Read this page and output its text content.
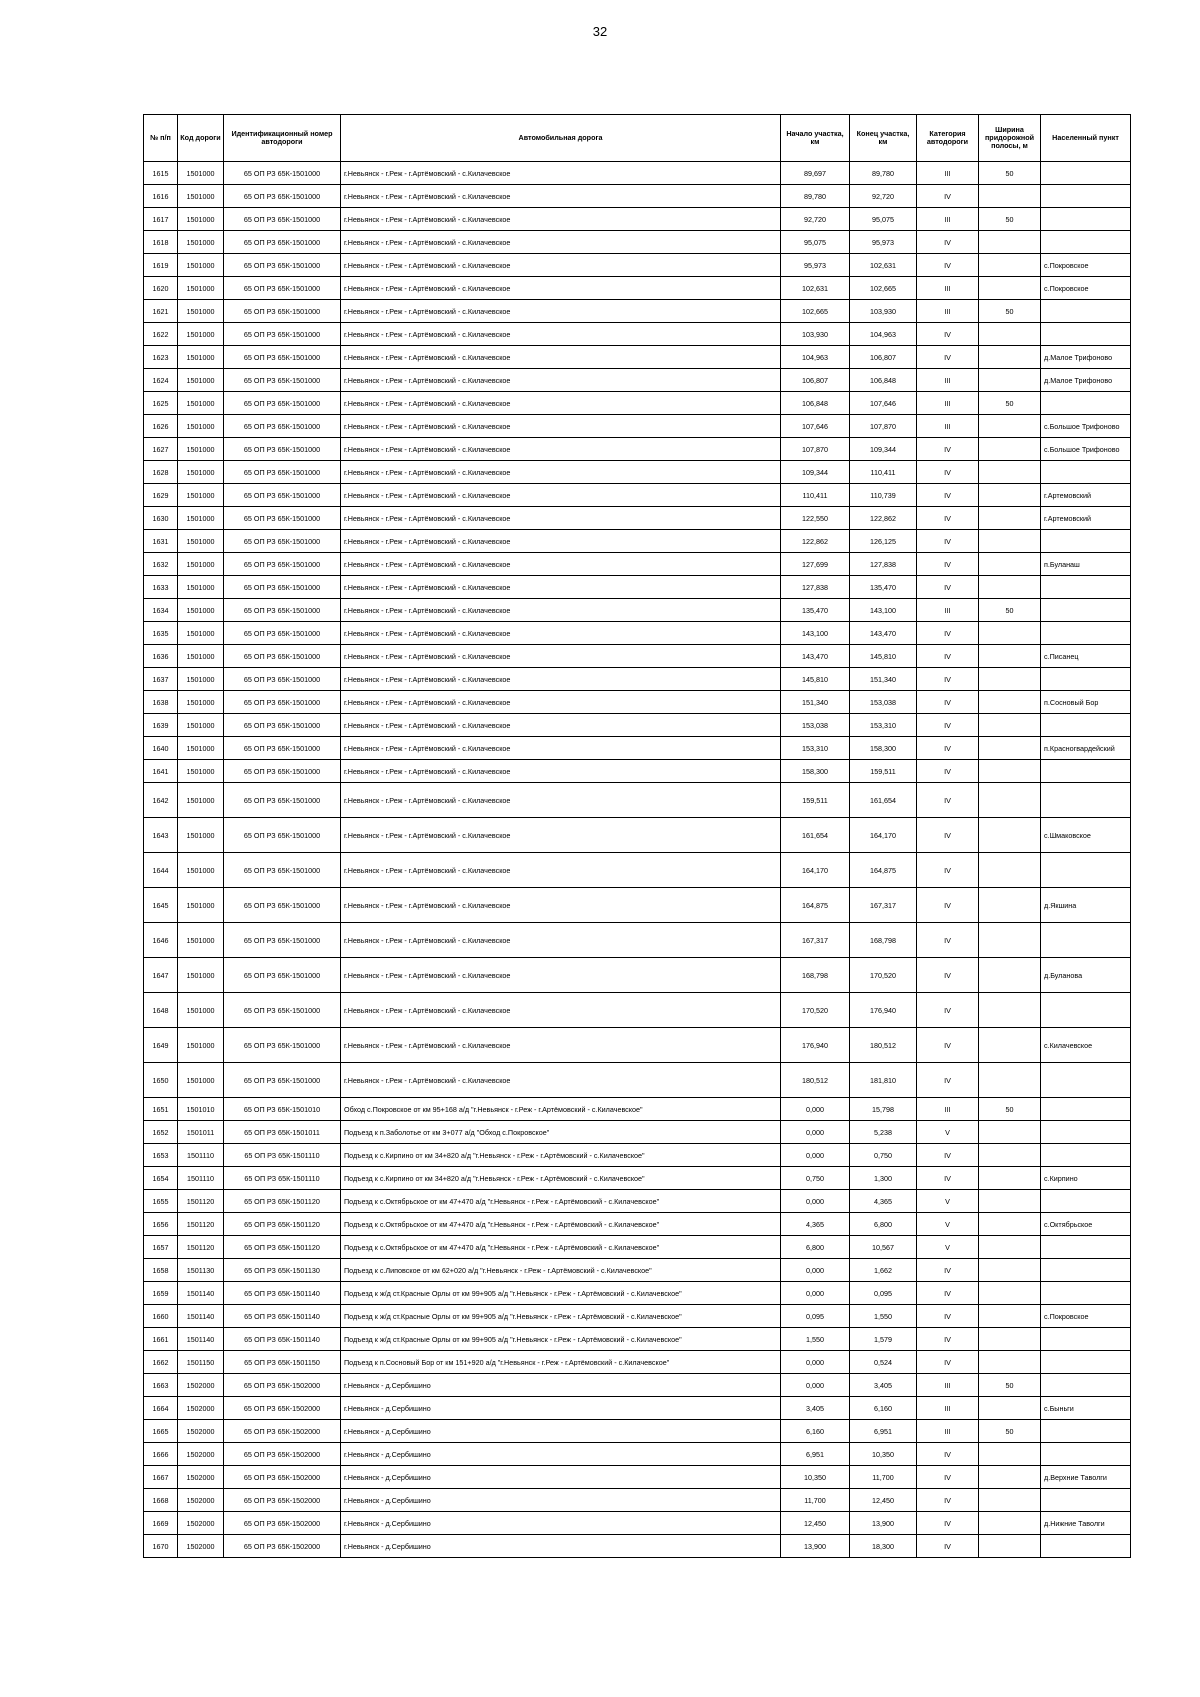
32
№ п/п	Код дороги	Идентификационный номер автодороги	Автомобильная дорога	Начало участка, км	Конец участка, км	Категория автодороги	Ширина придорожной полосы, м	Населенный пункт
1615	1501000	65 ОП РЗ 65К-1501000	г.Невьянск - г.Реж - г.Артёмовский - с.Килачевское	89,697	89,780	III	50	
1616	1501000	65 ОП РЗ 65К-1501000	г.Невьянск - г.Реж - г.Артёмовский - с.Килачевское	89,780	92,720	IV		
1617	1501000	65 ОП РЗ 65К-1501000	г.Невьянск - г.Реж - г.Артёмовский - с.Килачевское	92,720	95,075	III	50	
1618	1501000	65 ОП РЗ 65К-1501000	г.Невьянск - г.Реж - г.Артёмовский - с.Килачевское	95,075	95,973	IV		
1619	1501000	65 ОП РЗ 65К-1501000	г.Невьянск - г.Реж - г.Артёмовский - с.Килачевское	95,973	102,631	IV		с.Покровское
1620	1501000	65 ОП РЗ 65К-1501000	г.Невьянск - г.Реж - г.Артёмовский - с.Килачевское	102,631	102,665	III		с.Покровское
1621	1501000	65 ОП РЗ 65К-1501000	г.Невьянск - г.Реж - г.Артёмовский - с.Килачевское	102,665	103,930	III	50	
1622	1501000	65 ОП РЗ 65К-1501000	г.Невьянск - г.Реж - г.Артёмовский - с.Килачевское	103,930	104,963	IV		
1623	1501000	65 ОП РЗ 65К-1501000	г.Невьянск - г.Реж - г.Артёмовский - с.Килачевское	104,963	106,807	IV		д.Малое Трифоново
1624	1501000	65 ОП РЗ 65К-1501000	г.Невьянск - г.Реж - г.Артёмовский - с.Килачевское	106,807	106,848	III		д.Малое Трифоново
1625	1501000	65 ОП РЗ 65К-1501000	г.Невьянск - г.Реж - г.Артёмовский - с.Килачевское	106,848	107,646	III	50	
1626	1501000	65 ОП РЗ 65К-1501000	г.Невьянск - г.Реж - г.Артёмовский - с.Килачевское	107,646	107,870	III		с.Большое Трифоново
1627	1501000	65 ОП РЗ 65К-1501000	г.Невьянск - г.Реж - г.Артёмовский - с.Килачевское	107,870	109,344	IV		с.Большое Трифоново
1628	1501000	65 ОП РЗ 65К-1501000	г.Невьянск - г.Реж - г.Артёмовский - с.Килачевское	109,344	110,411	IV		
1629	1501000	65 ОП РЗ 65К-1501000	г.Невьянск - г.Реж - г.Артёмовский - с.Килачевское	110,411	110,739	IV		г.Артемовский
1630	1501000	65 ОП РЗ 65К-1501000	г.Невьянск - г.Реж - г.Артёмовский - с.Килачевское	122,550	122,862	IV		г.Артемовский
1631	1501000	65 ОП РЗ 65К-1501000	г.Невьянск - г.Реж - г.Артёмовский - с.Килачевское	122,862	126,125	IV		
1632	1501000	65 ОП РЗ 65К-1501000	г.Невьянск - г.Реж - г.Артёмовский - с.Килачевское	127,699	127,838	IV		п.Буланаш
1633	1501000	65 ОП РЗ 65К-1501000	г.Невьянск - г.Реж - г.Артёмовский - с.Килачевское	127,838	135,470	IV		
1634	1501000	65 ОП РЗ 65К-1501000	г.Невьянск - г.Реж - г.Артёмовский - с.Килачевское	135,470	143,100	III	50	
1635	1501000	65 ОП РЗ 65К-1501000	г.Невьянск - г.Реж - г.Артёмовский - с.Килачевское	143,100	143,470	IV		
1636	1501000	65 ОП РЗ 65К-1501000	г.Невьянск - г.Реж - г.Артёмовский - с.Килачевское	143,470	145,810	IV		с.Писанец
1637	1501000	65 ОП РЗ 65К-1501000	г.Невьянск - г.Реж - г.Артёмовский - с.Килачевское	145,810	151,340	IV		
1638	1501000	65 ОП РЗ 65К-1501000	г.Невьянск - г.Реж - г.Артёмовский - с.Килачевское	151,340	153,038	IV		п.Сосновый Бор
1639	1501000	65 ОП РЗ 65К-1501000	г.Невьянск - г.Реж - г.Артёмовский - с.Килачевское	153,038	153,310	IV		
1640	1501000	65 ОП РЗ 65К-1501000	г.Невьянск - г.Реж - г.Артёмовский - с.Килачевское	153,310	158,300	IV		п.Красногвардейский
1641	1501000	65 ОП РЗ 65К-1501000	г.Невьянск - г.Реж - г.Артёмовский - с.Килачевское	158,300	159,511	IV		
1642	1501000	65 ОП РЗ 65К-1501000	г.Невьянск - г.Реж - г.Артёмовский - с.Килачевское	159,511	161,654	IV		
1643	1501000	65 ОП РЗ 65К-1501000	г.Невьянск - г.Реж - г.Артёмовский - с.Килачевское	161,654	164,170	IV		с.Шмаковское
1644	1501000	65 ОП РЗ 65К-1501000	г.Невьянск - г.Реж - г.Артёмовский - с.Килачевское	164,170	164,875	IV		
1645	1501000	65 ОП РЗ 65К-1501000	г.Невьянск - г.Реж - г.Артёмовский - с.Килачевское	164,875	167,317	IV		д.Якшина
1646	1501000	65 ОП РЗ 65К-1501000	г.Невьянск - г.Реж - г.Артёмовский - с.Килачевское	167,317	168,798	IV		
1647	1501000	65 ОП РЗ 65К-1501000	г.Невьянск - г.Реж - г.Артёмовский - с.Килачевское	168,798	170,520	IV		д.Буланова
1648	1501000	65 ОП РЗ 65К-1501000	г.Невьянск - г.Реж - г.Артёмовский - с.Килачевское	170,520	176,940	IV		
1649	1501000	65 ОП РЗ 65К-1501000	г.Невьянск - г.Реж - г.Артёмовский - с.Килачевское	176,940	180,512	IV		с.Килачевское
1650	1501000	65 ОП РЗ 65К-1501000	г.Невьянск - г.Реж - г.Артёмовский - с.Килачевское	180,512	181,810	IV		
1651	1501010	65 ОП РЗ 65К-1501010	Обход с.Покровское от км 95+168 а/д "г.Невьянск - г.Реж - г.Артёмовский - с.Килачевское"	0,000	15,798	III	50	
1652	1501011	65 ОП РЗ 65К-1501011	Подъезд к п.Заболотье от км 3+077 а/д "Обход с.Покровское"	0,000	5,238	V		
1653	1501110	65 ОП РЗ 65К-1501110	Подъезд к с.Кирпино от км 34+820 а/д "г.Невьянск - г.Реж - г.Артёмовский - с.Килачевское"	0,000	0,750	IV		
1654	1501110	65 ОП РЗ 65К-1501110	Подъезд к с.Кирпино от км 34+820 а/д "г.Невьянск - г.Реж - г.Артёмовский - с.Килачевское"	0,750	1,300	IV		с.Кирпино
1655	1501120	65 ОП РЗ 65К-1501120	Подъезд к с.Октябрьское от км 47+470 а/д "г.Невьянск - г.Реж - г.Артёмовский - с.Килачевское"	0,000	4,365	V		
1656	1501120	65 ОП РЗ 65К-1501120	Подъезд к с.Октябрьское от км 47+470 а/д "г.Невьянск - г.Реж - г.Артёмовский - с.Килачевское"	4,365	6,800	V		с.Октябрьское
1657	1501120	65 ОП РЗ 65К-1501120	Подъезд к с.Октябрьское от км 47+470 а/д "г.Невьянск - г.Реж - г.Артёмовский - с.Килачевское"	6,800	10,567	V		
1658	1501130	65 ОП РЗ 65К-1501130	Подъезд к с.Липовское от км 62+020 а/д "г.Невьянск - г.Реж - г.Артёмовский - с.Килачевское"	0,000	1,662	IV		
1659	1501140	65 ОП РЗ 65К-1501140	Подъезд к ж/д ст.Красные Орлы от км 99+905 а/д "г.Невьянск - г.Реж - г.Артёмовский - с.Килачевское"	0,000	0,095	IV		
1660	1501140	65 ОП РЗ 65К-1501140	Подъезд к ж/д ст.Красные Орлы от км 99+905 а/д "г.Невьянск - г.Реж - г.Артёмовский - с.Килачевское"	0,095	1,550	IV		с.Покровское
1661	1501140	65 ОП РЗ 65К-1501140	Подъезд к ж/д ст.Красные Орлы от км 99+905 а/д "г.Невьянск - г.Реж - г.Артёмовский - с.Килачевское"	1,550	1,579	IV		
1662	1501150	65 ОП РЗ 65К-1501150	Подъезд к п.Сосновый Бор от км 151+920 а/д "г.Невьянск - г.Реж - г.Артёмовский - с.Килачевское"	0,000	0,524	IV		
1663	1502000	65 ОП РЗ 65К-1502000	г.Невьянск - д.Сербишино	0,000	3,405	III	50	
1664	1502000	65 ОП РЗ 65К-1502000	г.Невьянск - д.Сербишино	3,405	6,160	III		с.Быньги
1665	1502000	65 ОП РЗ 65К-1502000	г.Невьянск - д.Сербишино	6,160	6,951	III	50	
1666	1502000	65 ОП РЗ 65К-1502000	г.Невьянск - д.Сербишино	6,951	10,350	IV		
1667	1502000	65 ОП РЗ 65К-1502000	г.Невьянск - д.Сербишино	10,350	11,700	IV		д.Верхние Таволги
1668	1502000	65 ОП РЗ 65К-1502000	г.Невьянск - д.Сербишино	11,700	12,450	IV		
1669	1502000	65 ОП РЗ 65К-1502000	г.Невьянск - д.Сербишино	12,450	13,900	IV		д.Нижние Таволги
1670	1502000	65 ОП РЗ 65К-1502000	г.Невьянск - д.Сербишино	13,900	18,300	IV		
